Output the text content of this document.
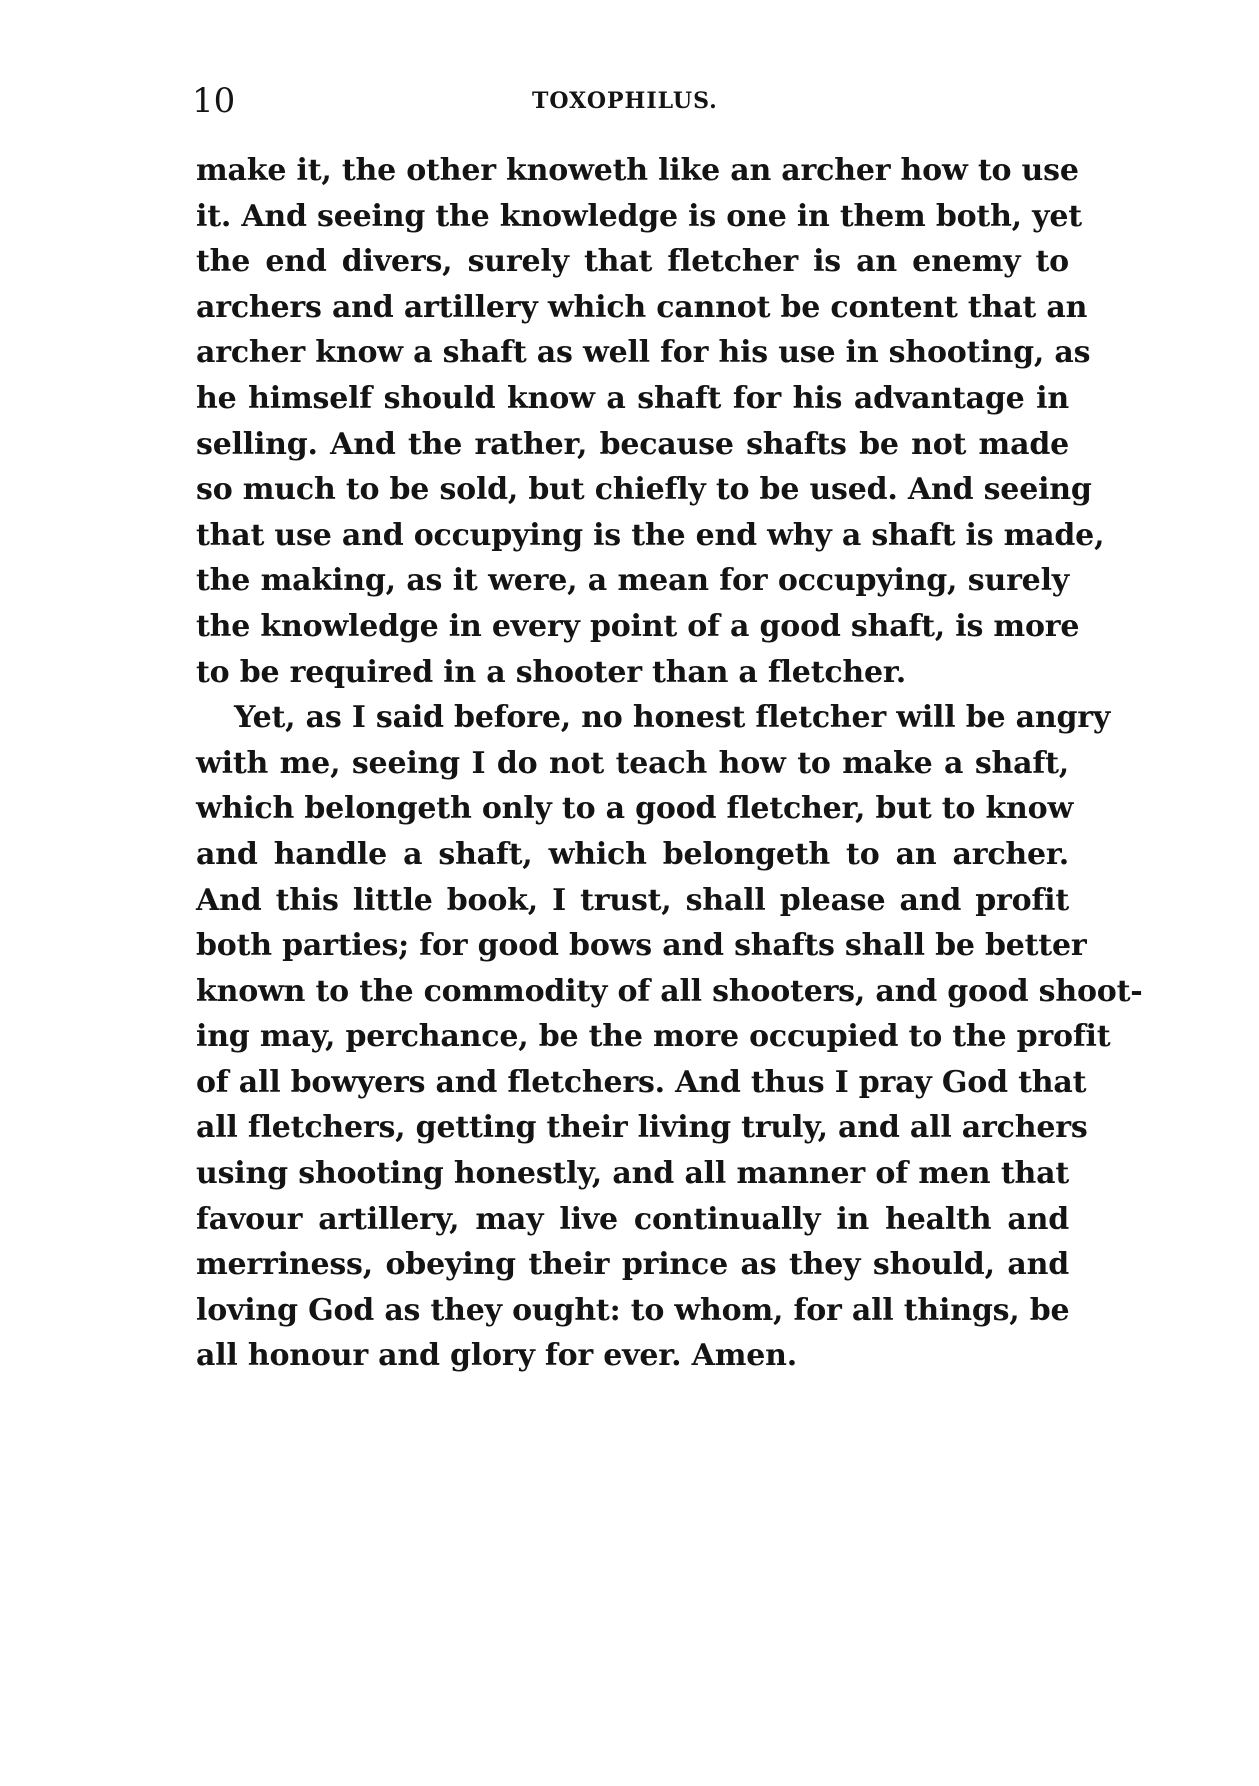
10	TOXOPHILUS.
make it, the other knoweth like an archer how to use
it. And seeing the knowledge is one in them both, yet
the end divers, surely that fletcher is an enemy to
archers and artillery which cannot be content that an
archer know a shaft as well for his use in shooting, as
he himself should know a shaft for his advantage in
selling. And the rather, because shafts be not made
so much to be sold, but chiefly to be used. And seeing
that use and occupying is the end why a shaft is made,
the making, as it were, a mean for occupying, surely
the knowledge in every point of a good shaft, is more
to be required in a shooter than a fletcher.
Yet, as I said before, no honest fletcher will be angry
with me, seeing I do not teach how to make a shaft,
which belongeth only to a good fletcher, but to know
and handle a shaft, which belongeth to an archer.
And this little book, I trust, shall please and profit
both parties; for good bows and shafts shall be better
known to the commodity of all shooters, and good shoot-
ing may, perchance, be the more occupied to the profit
of all bowyers and fletchers. And thus I pray God that
all fletchers, getting their living truly, and all archers
using shooting honestly, and all manner of men that
favour artillery, may live continually in health and
merriness, obeying their prince as they should, and
loving God as they ought: to whom, for all things, be
all honour and glory for ever. Amen.
